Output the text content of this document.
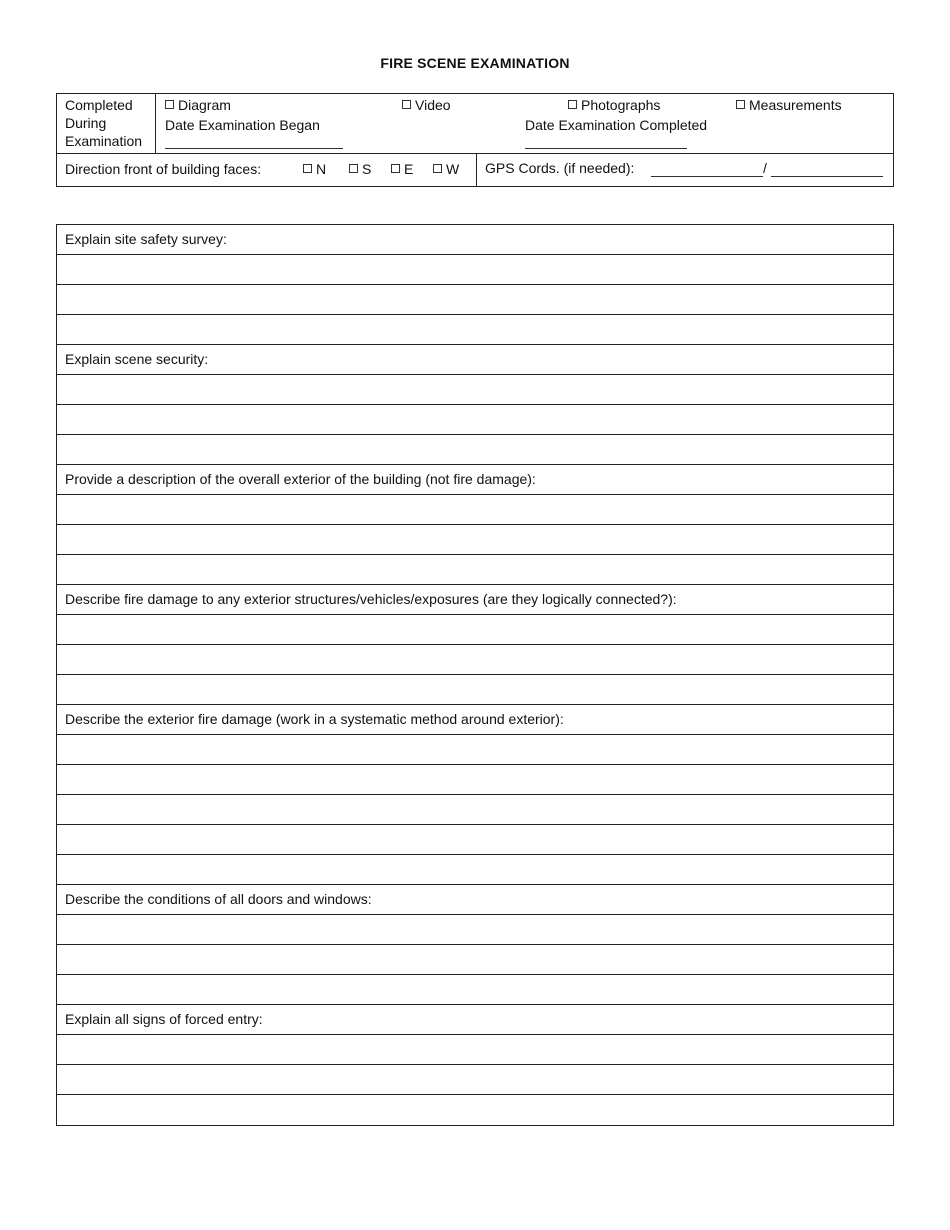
FIRE SCENE EXAMINATION
Completed
During
Examination
Diagram	Video	Photographs	Measurements
Date Examination Began	Date Examination Completed
Direction front of building faces:	N	S	E	W GPS Cords. (if needed):	/
Explain site safety survey:
Explain scene security:
Provide a description of the overall exterior of the building (not fire damage):
Describe fire damage to any exterior structures/vehicles/exposures (are they logically connected?):
Describe the exterior fire damage (work in a systematic method around exterior):
Describe the conditions of all doors and windows:
Explain all signs of forced entry:
